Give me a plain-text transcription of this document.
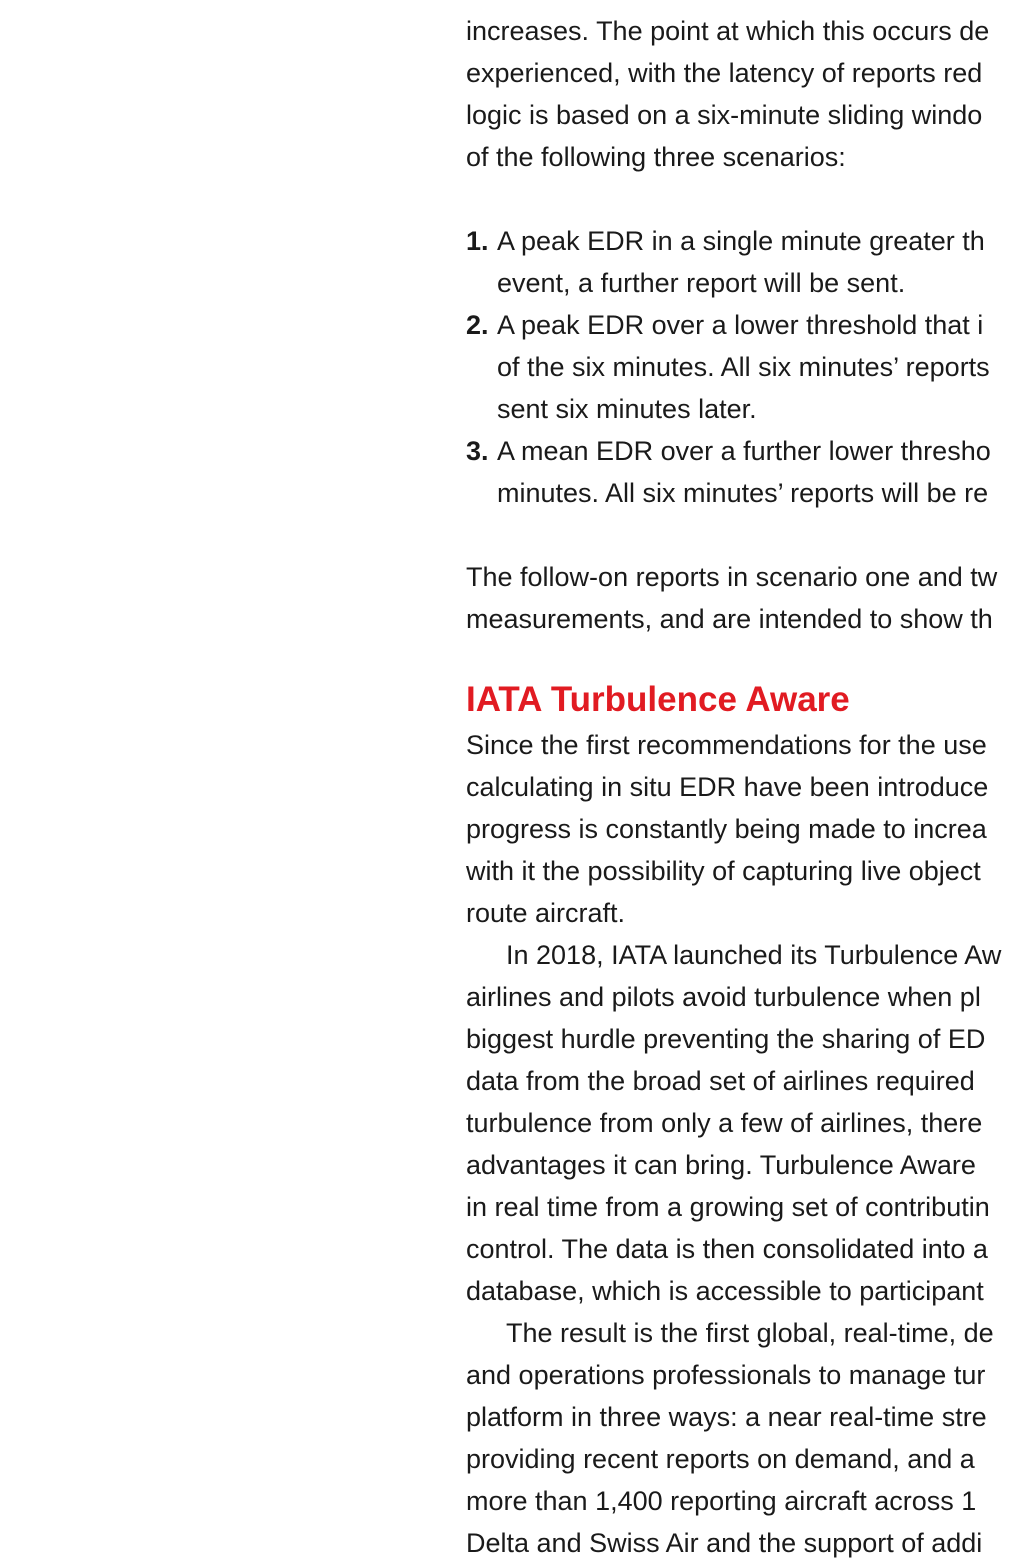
increases. The point at which this occurs de
experienced, with the latency of reports red
logic is based on a six-minute sliding windo
of the following three scenarios:
1. A peak EDR in a single minute greater th
event, a further report will be sent.
2. A peak EDR over a lower threshold that i
of the six minutes. All six minutes’ reports
sent six minutes later.
3. A mean EDR over a further lower thresho
minutes. All six minutes’ reports will be re
The follow-on reports in scenario one and tw
measurements, and are intended to show th
IATA Turbulence Aware
Since the first recommendations for the use
calculating in situ EDR have been introduce
progress is constantly being made to increa
with it the possibility of capturing live object
route aircraft.
In 2018, IATA launched its Turbulence Aw
airlines and pilots avoid turbulence when pl
biggest hurdle preventing the sharing of ED
data from the broad set of airlines required
turbulence from only a few of airlines, there
advantages it can bring. Turbulence Aware
in real time from a growing set of contributin
control. The data is then consolidated into a
database, which is accessible to participant
The result is the first global, real-time, de
and operations professionals to manage tur
platform in three ways: a near real-time stre
providing recent reports on demand, and a
more than 1,400 reporting aircraft across 1
Delta and Swiss Air and the support of addi
